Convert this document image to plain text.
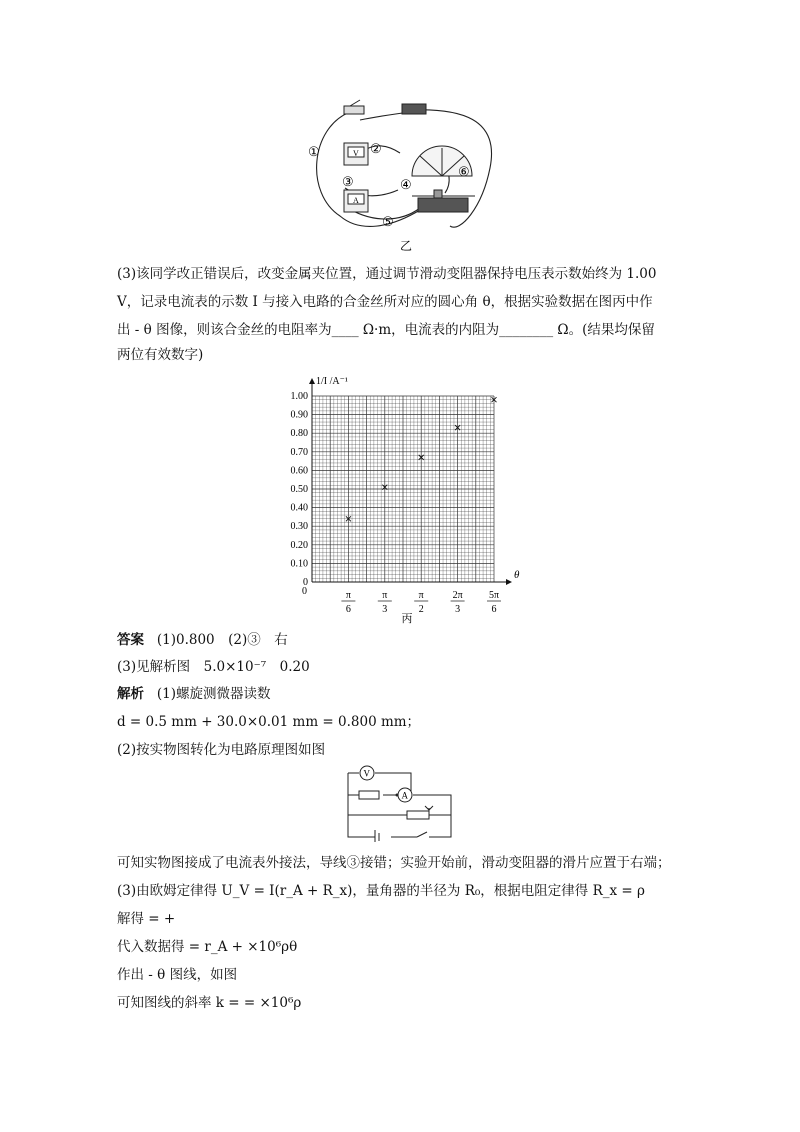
V
A
①	②
③	④
⑤
⑥
乙
(3)该同学改正错误后，改变金属夹位置，通过调节滑动变阻器保持电压表示数始终为 1.00
V，记录电流表的示数 I 与接入电路的合金丝所对应的圆心角 θ，根据实验数据在图丙中作
出 - θ 图像，则该合金丝的电阻率为____ Ω·m，电流表的内阻为________ Ω。(结果均保留
两位有效数字)
1.00
0.90
0.80
0.70
0.60
0.50
0.40
0.30
0.20
0.10
0
π
6
π
3
π
2
2π
3
5π
6
0
1/I /A⁻¹
θ
丙
答案 (1)0.800　(2)③　右
(3)见解析图　5.0×10⁻⁷　0.20
解析 (1)螺旋测微器读数
d = 0.5 mm + 30.0×0.01 mm = 0.800 mm；
(2)按实物图转化为电路原理图如图
V
A
可知实物图接成了电流表外接法，导线③接错；实验开始前，滑动变阻器的滑片应置于右端；
(3)由欧姆定律得 U_V = I(r_A + R_x)，量角器的半径为 R₀，根据电阻定律得 R_x = ρ
解得 = +
代入数据得 = r_A + ×10⁶ρθ
作出 - θ 图线，如图
可知图线的斜率 k = = ×10⁶ρ
